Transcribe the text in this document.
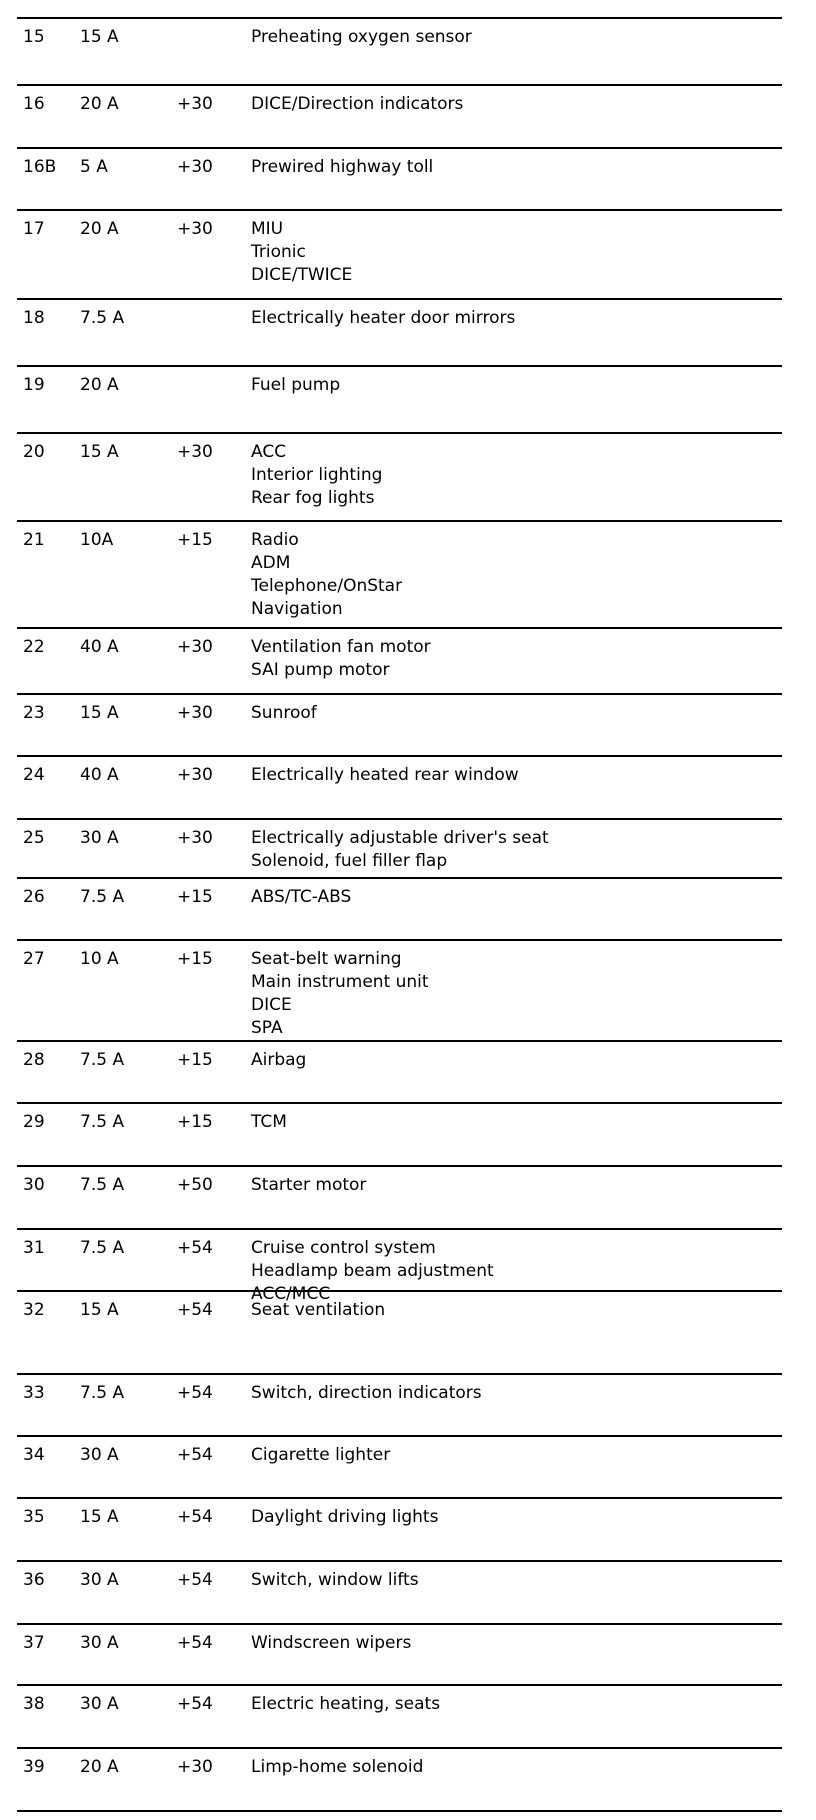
15 15 A	Preheating oxygen sensor
16 20 A	+30 DICE/Direction indicators
16B 5 A	+30 Prewired highway toll
17 20 A	+30 MIU
Trionic
DICE/TWICE
18 7.5 A	Electrically heater door mirrors
19 20 A	Fuel pump
20 15 A	+30 ACC
Interior lighting
Rear fog lights
21 10A	+15 Radio
ADM
Telephone/OnStar
Navigation
22 40 A	+30 Ventilation fan motor
SAI pump motor
23 15 A	+30 Sunroof
24 40 A	+30 Electrically heated rear window
25 30 A	+30 Electrically adjustable driver's seat
Solenoid, fuel filler flap
26 7.5 A	+15 ABS/TC-ABS
27 10 A	+15 Seat-belt warning
Main instrument unit
DICE
SPA
28 7.5 A	+15 Airbag
29 7.5 A	+15 TCM
30 7.5 A	+50 Starter motor
31 7.5 A	+54 Cruise control system
Headlamp beam adjustment
ACC/MCC
32 15 A	+54 Seat ventilation
33 7.5 A	+54 Switch, direction indicators
34 30 A	+54 Cigarette lighter
35 15 A	+54 Daylight driving lights
36 30 A	+54 Switch, window lifts
37 30 A	+54 Windscreen wipers
38 30 A	+54 Electric heating, seats
39 20 A	+30 Limp-home solenoid
